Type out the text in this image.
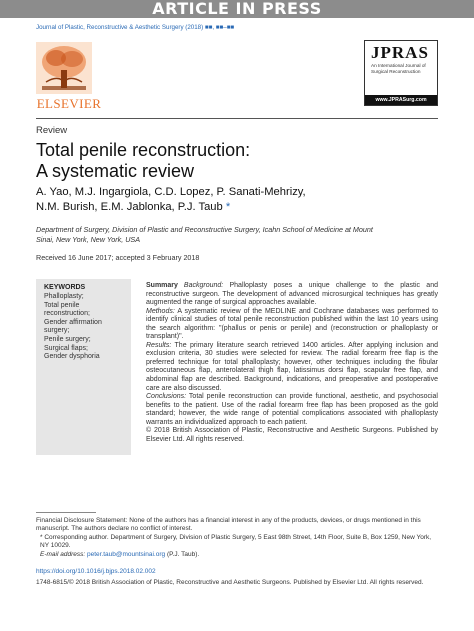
ARTICLE IN PRESS
Journal of Plastic, Reconstructive & Aesthetic Surgery (2018) ■■, ■■–■■
ELSEVIER
JPRAS
An International Journal of
Surgical Reconstruction
www.JPRASurg.com
Review
Total penile reconstruction:
A systematic review
A. Yao, M.J. Ingargiola, C.D. Lopez, P. Sanati-Mehrizy,
N.M. Burish, E.M. Jablonka, P.J. Taub *
Department of Surgery, Division of Plastic and Reconstructive Surgery, Icahn School of Medicine at Mount Sinai, New York, New York, USA
Received 16 June 2017; accepted 3 February 2018
KEYWORDS
Phalloplasty;
Total penile
reconstruction;
Gender affirmation
surgery;
Penile surgery;
Surgical flaps;
Gender dysphoria

Summary Background: Phalloplasty poses a unique challenge to the plastic and reconstructive surgeon. The development of advanced microsurgical techniques has greatly augmented the range of surgical approaches available.

Methods: A systematic review of the MEDLINE and Cochrane databases was performed to identify clinical studies of total penile reconstruction published within the last 10 years using the search algorithm: "(phallus or penis or penile) and (reconstruction or phalloplasty or transplant)".

Results: The primary literature search retrieved 1400 articles. After applying inclusion and exclusion criteria, 30 studies were selected for review. The radial forearm free flap is the preferred technique for total phalloplasty; however, other techniques including the fibular osteocutaneous flap, anterolateral thigh flap, latissimus dorsi flap, scapular free flap, and abdominal flap are described. Background, indications, and preoperative and postoperative care are also discussed.

Conclusions: Total penile reconstruction can provide functional, aesthetic, and psychosocial benefits to the patient. Use of the radial forearm free flap has been proposed as the gold standard; however, the wide range of potential complications associated with phalloplasty warrants an individualized approach to each patient.

© 2018 British Association of Plastic, Reconstructive and Aesthetic Surgeons. Published by Elsevier Ltd. All rights reserved.

Financial Disclosure Statement: None of the authors has a financial interest in any of the products, devices, or drugs mentioned in this manuscript. The authors declare no conflict of interest.

* Corresponding author. Department of Surgery, Division of Plastic Surgery, 5 East 98th Street, 14th Floor, Suite B, Box 1259, New York, NY 10029.

E-mail address: peter.taub@mountsinai.org (P.J. Taub).

https://doi.org/10.1016/j.bjps.2018.02.002
1748-6815/© 2018 British Association of Plastic, Reconstructive and Aesthetic Surgeons. Published by Elsevier Ltd. All rights reserved.
